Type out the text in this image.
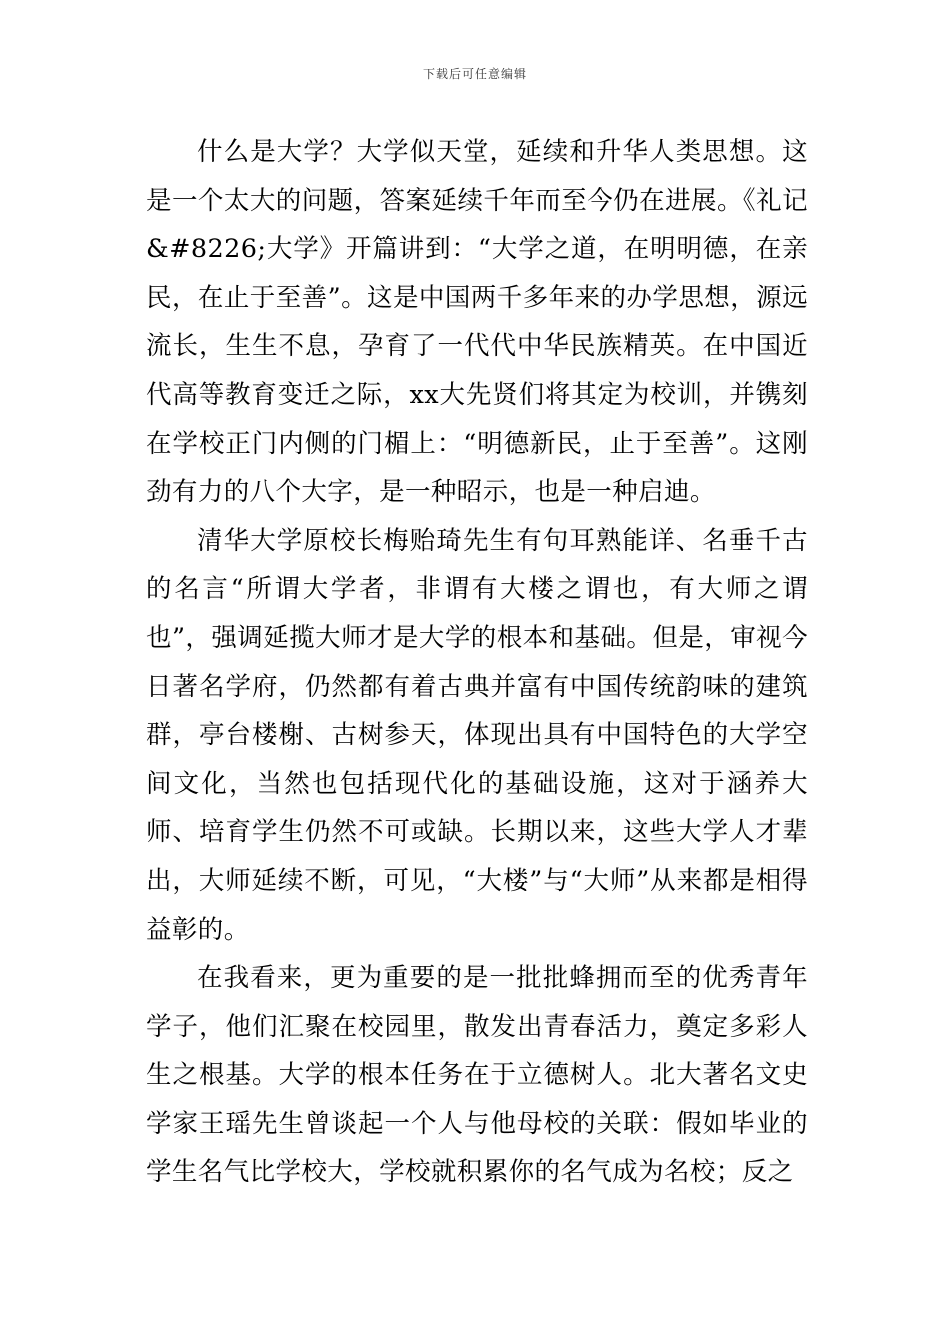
下载后可任意编辑

什么是大学？大学似天堂，延续和升华人类思想。这是一个太大的问题，答案延续千年而至今仍在进展。《礼记&#8226;大学》开篇讲到：“大学之道，在明明德，在亲民，在止于至善”。这是中国两千多年来的办学思想，源远流长，生生不息，孕育了一代代中华民族精英。在中国近代高等教育变迁之际，xx大先贤们将其定为校训，并镌刻在学校正门内侧的门楣上：“明德新民，止于至善”。这刚劲有力的八个大字，是一种昭示，也是一种启迪。

清华大学原校长梅贻琦先生有句耳熟能详、名垂千古的名言“所谓大学者，非谓有大楼之谓也，有大师之谓也”，强调延揽大师才是大学的根本和基础。但是，审视今日著名学府，仍然都有着古典并富有中国传统韵味的建筑群，亭台楼榭、古树参天，体现出具有中国特色的大学空间文化，当然也包括现代化的基础设施，这对于涵养大师、培育学生仍然不可或缺。长期以来，这些大学人才辈出，大师延续不断，可见，“大楼”与“大师”从来都是相得益彰的。

在我看来，更为重要的是一批批蜂拥而至的优秀青年学子，他们汇聚在校园里，散发出青春活力，奠定多彩人生之根基。大学的根本任务在于立德树人。北大著名文史学家王瑶先生曾谈起一个人与他母校的关联：假如毕业的学生名气比学校大，学校就积累你的名气成为名校；反之
